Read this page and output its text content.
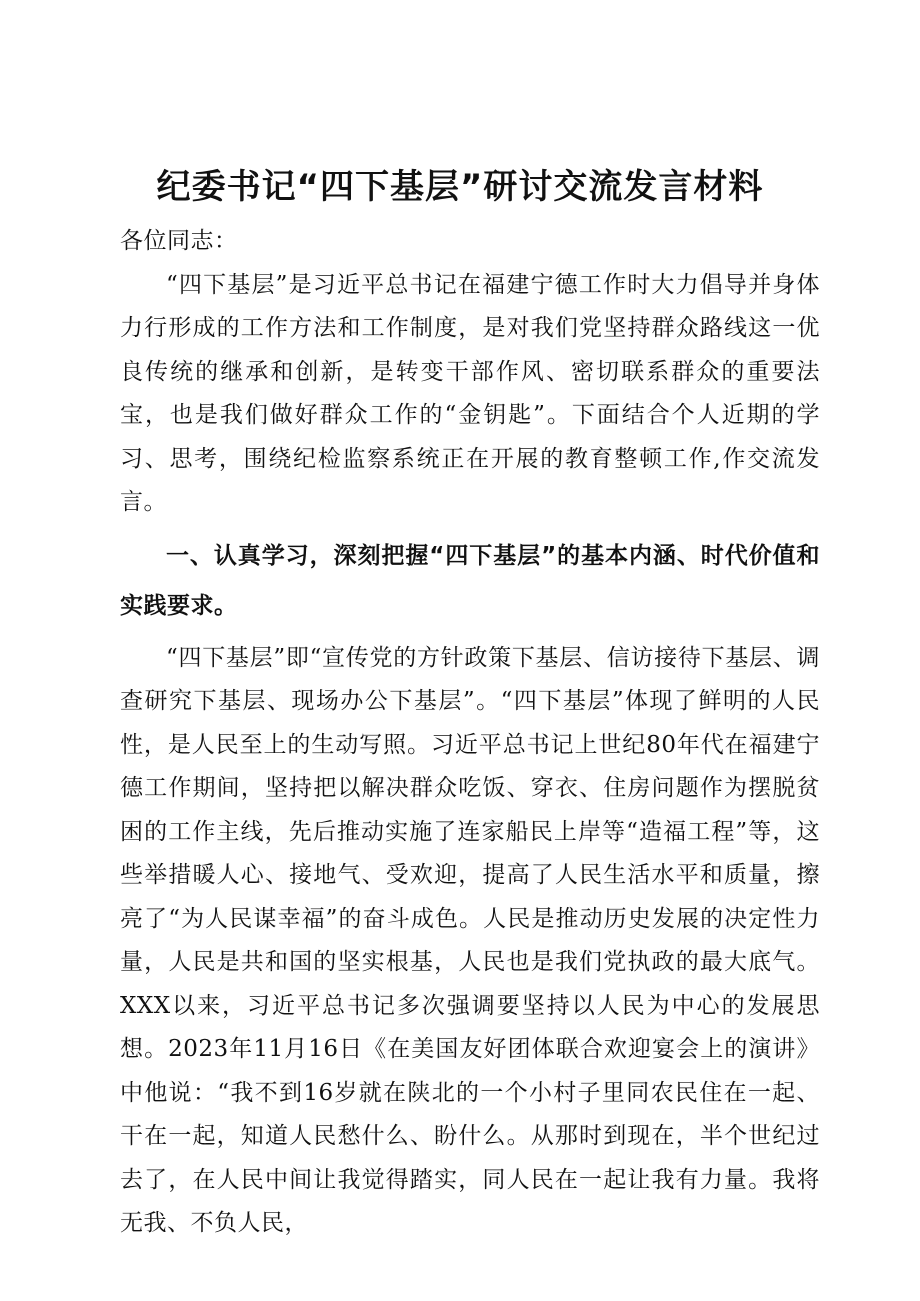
纪委书记“四下基层”研讨交流发言材料

各位同志：

“四下基层”是习近平总书记在福建宁德工作时大力倡导并身体力行形成的工作方法和工作制度，是对我们党坚持群众路线这一优良传统的继承和创新，是转变干部作风、密切联系群众的重要法宝，也是我们做好群众工作的“金钥匙”。下面结合个人近期的学习、思考，围绕纪检监察系统正在开展的教育整顿工作,作交流发言。

一、认真学习，深刻把握“四下基层”的基本内涵、时代价值和实践要求。

“四下基层”即“宣传党的方针政策下基层、信访接待下基层、调查研究下基层、现场办公下基层”。“四下基层”体现了鲜明的人民性，是人民至上的生动写照。习近平总书记上世纪80年代在福建宁德工作期间，坚持把以解决群众吃饭、穿衣、住房问题作为摆脱贫困的工作主线，先后推动实施了连家船民上岸等“造福工程”等，这些举措暖人心、接地气、受欢迎，提高了人民生活水平和质量，擦亮了“为人民谋幸福”的奋斗成色。人民是推动历史发展的决定性力量，人民是共和国的坚实根基，人民也是我们党执政的最大底气。XXX以来，习近平总书记多次强调要坚持以人民为中心的发展思想。2023年11月16日《在美国友好团体联合欢迎宴会上的演讲》中他说：“我不到16岁就在陕北的一个小村子里同农民住在一起、干在一起，知道人民愁什么、盼什么。从那时到现在，半个世纪过去了，在人民中间让我觉得踏实，同人民在一起让我有力量。我将无我、不负人民，
